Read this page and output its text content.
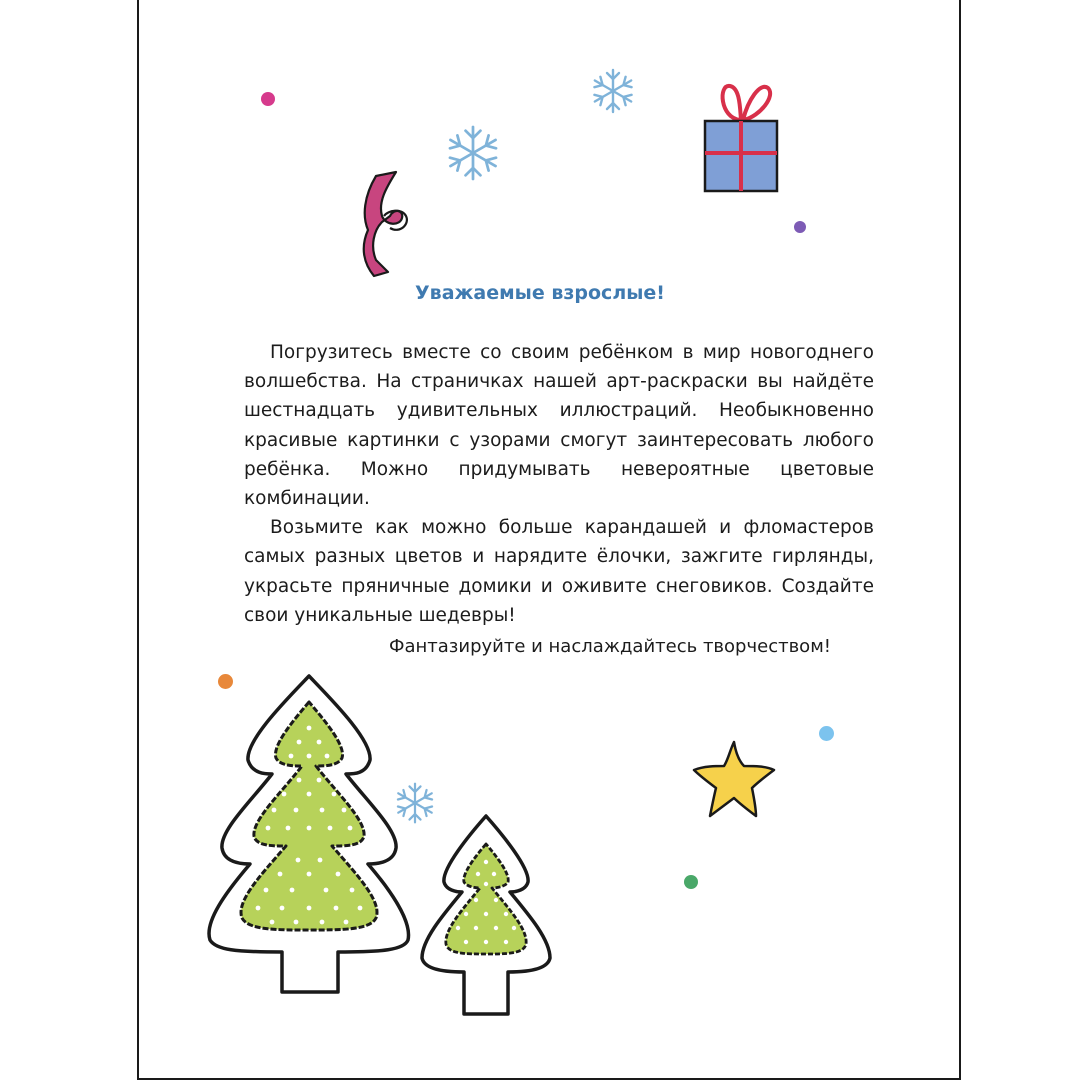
Уважаемые взрослые!

Погрузитесь вместе со своим ребёнком в мир новогоднего волшебства. На страничках нашей арт-раскраски вы найдёте шестнадцать удивительных иллюстраций. Необыкновенно красивые картинки с узорами смогут заинтересовать любого ребёнка. Можно придумывать невероятные цветовые комбинации.

Возьмите как можно больше карандашей и фломастеров самых разных цветов и нарядите ёлочки, зажгите гирлянды, украсьте пряничные домики и оживите снеговиков. Создайте свои уникальные шедевры!

Фантазируйте и наслаждайтесь творчеством!
